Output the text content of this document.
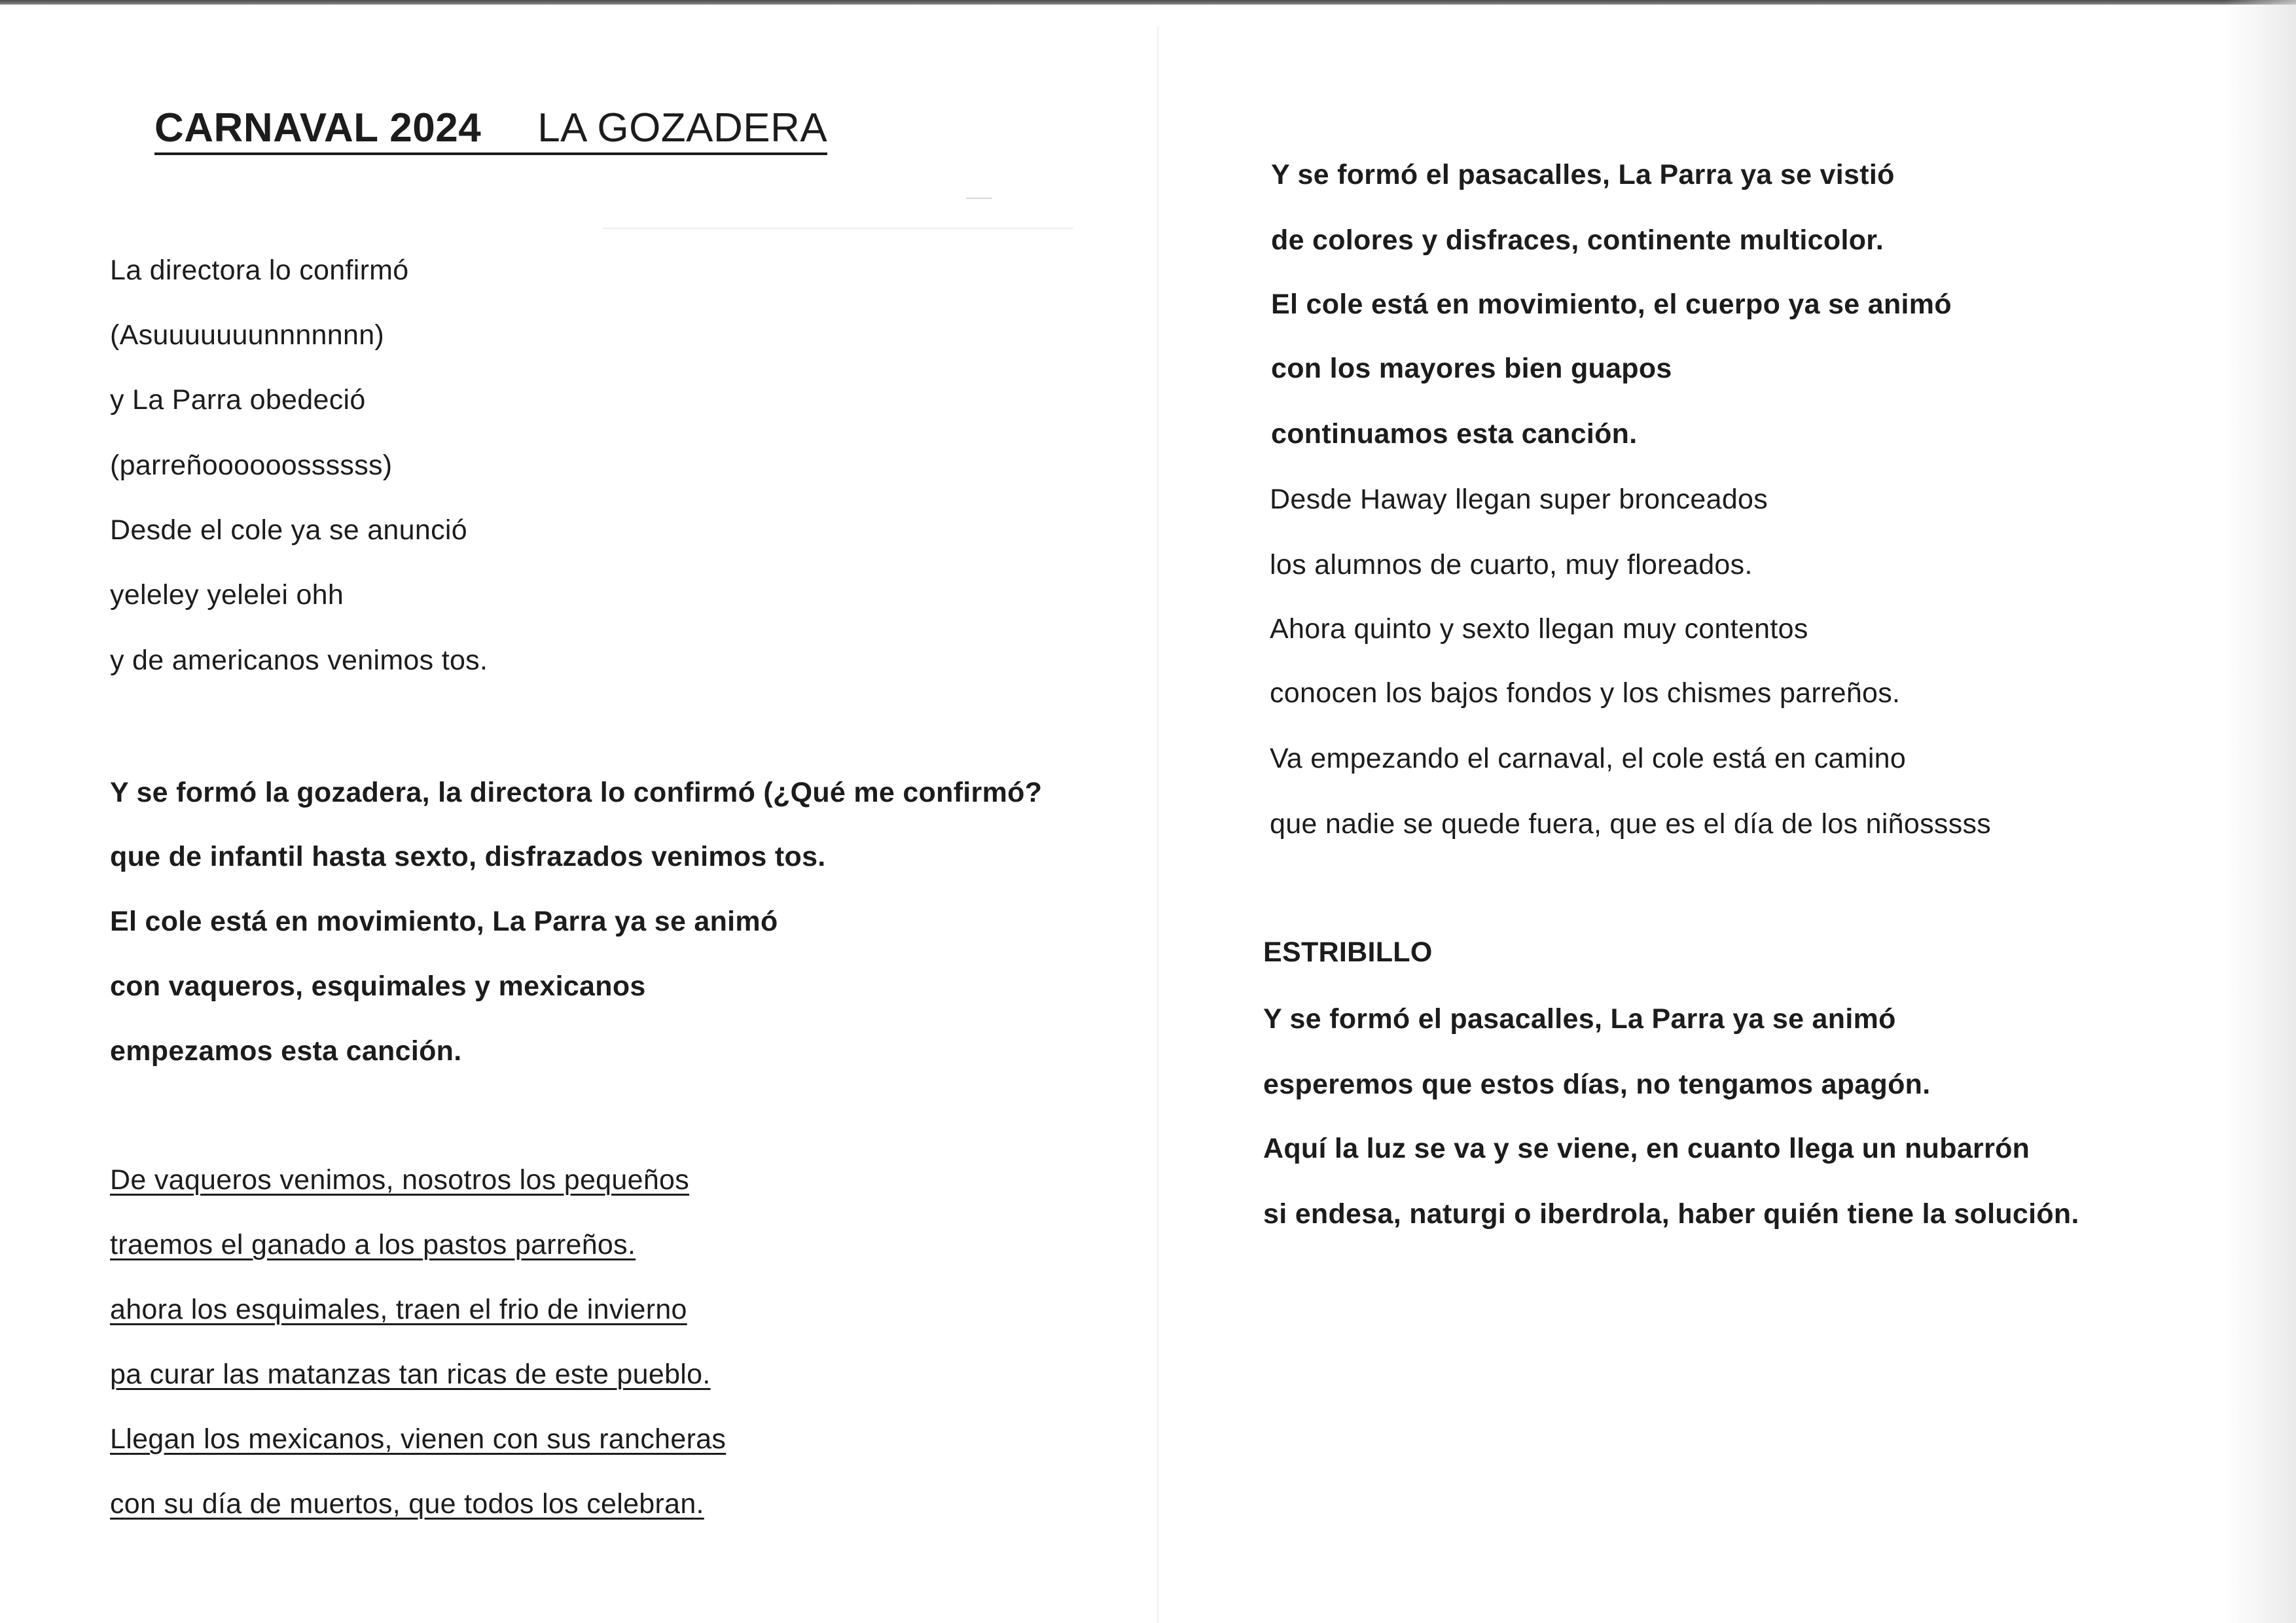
CARNAVAL 2024 LA GOZADERA
La directora lo confirmó
(Asuuuuuuunnnnnnn)
y La Parra obedeció
(parreñoooooossssss)
Desde el cole ya se anunció
yeleley yelelei ohh
y de americanos venimos tos.
Y se formó la gozadera, la directora lo confirmó (¿Qué me confirmó?
que de infantil hasta sexto, disfrazados venimos tos.
El cole está en movimiento, La Parra ya se animó
con vaqueros, esquimales y mexicanos
empezamos esta canción.
De vaqueros venimos, nosotros los pequeños
traemos el ganado a los pastos parreños.
ahora los esquimales, traen el frio de invierno
pa curar las matanzas tan ricas de este pueblo.
Llegan los mexicanos, vienen con sus rancheras
con su día de muertos, que todos los celebran.
Y se formó el pasacalles, La Parra ya se vistió
de colores y disfraces, continente multicolor.
El cole está en movimiento, el cuerpo ya se animó
con los mayores bien guapos
continuamos esta canción.
Desde Haway llegan super bronceados
los alumnos de cuarto, muy floreados.
Ahora quinto y sexto llegan muy contentos
conocen los bajos fondos y los chismes parreños.
Va empezando el carnaval, el cole está en camino
que nadie se quede fuera, que es el día de los niñosssss
ESTRIBILLO
Y se formó el pasacalles, La Parra ya se animó
esperemos que estos días, no tengamos apagón.
Aquí la luz se va y se viene, en cuanto llega un nubarrón
si endesa, naturgi o iberdrola, haber quién tiene la solución.
